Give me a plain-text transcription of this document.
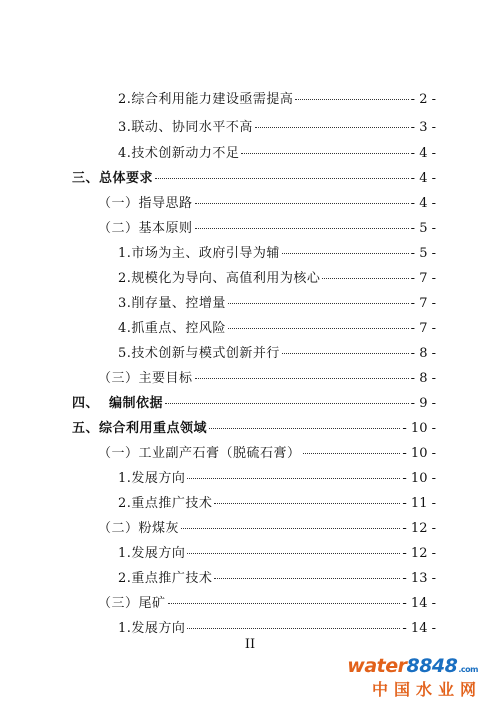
2.综合利用能力建设亟需提高	- 2 -
3.联动、协同水平不高	- 3 -
4.技术创新动力不足	- 4 -
三、总体要求	- 4 -
（一）指导思路	- 4 -
（二）基本原则	- 5 -
1.市场为主、政府引导为辅	- 5 -
2.规模化为导向、高值利用为核心	- 7 -
3.削存量、控增量	- 7 -
4.抓重点、控风险	- 7 -
5.技术创新与模式创新并行	- 8 -
（三）主要目标	- 8 -
四、  编制依据	- 9 -
五、综合利用重点领域	- 10 -
（一）工业副产石膏（脱硫石膏）	- 10 -
1.发展方向	- 10 -
2.重点推广技术	- 11 -
（二）粉煤灰	- 12 -
1.发展方向	- 12 -
2.重点推广技术	- 13 -
（三）尾矿	- 14 -
1.发展方向	- 14 -
II
water8848.com
中国水业网
